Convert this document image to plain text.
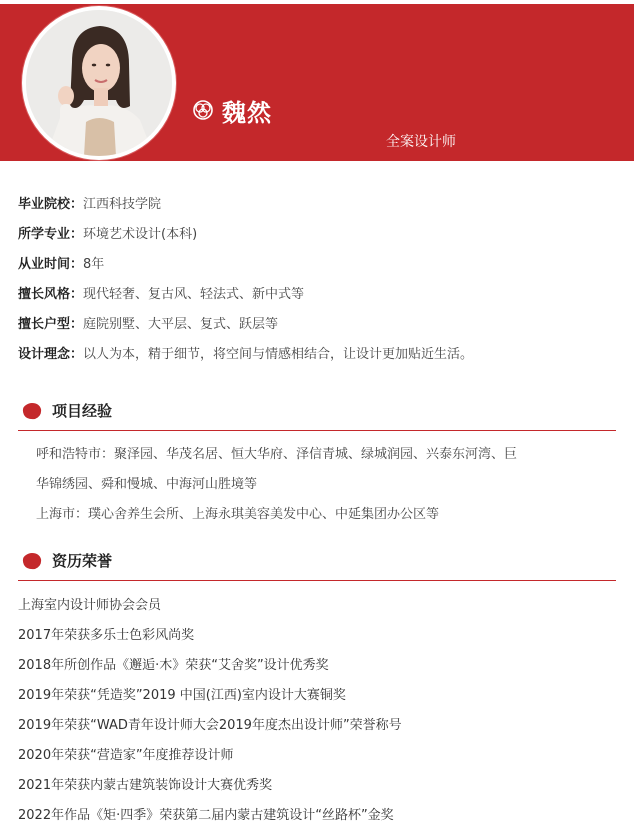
魏然
全案设计师
毕业院校：江西科技学院
所学专业：环境艺术设计(本科)
从业时间：8年
擅长风格：现代轻奢、复古风、轻法式、新中式等
擅长户型：庭院别墅、大平层、复式、跃层等
设计理念：以人为本，精于细节，将空间与情感相结合，让设计更加贴近生活。
项目经验
呼和浩特市：聚泽园、华茂名居、恒大华府、泽信青城、绿城润园、兴泰东河湾、巨
华锦绣园、舜和慢城、中海河山胜境等
上海市：璞心舍养生会所、上海永琪美容美发中心、中延集团办公区等
资历荣誉
上海室内设计师协会会员
2017年荣获多乐士色彩风尚奖
2018年所创作品《邂逅·木》荣获“艾舍奖”设计优秀奖
2019年荣获“凭造奖”2019 中国(江西)室内设计大赛铜奖
2019年荣获“WAD青年设计师大会2019年度杰出设计师”荣誉称号
2020年荣获“营造家”年度推荐设计师
2021年荣获内蒙古建筑装饰设计大赛优秀奖
2022年作品《矩·四季》荣获第二届内蒙古建筑设计“丝路杯”金奖
